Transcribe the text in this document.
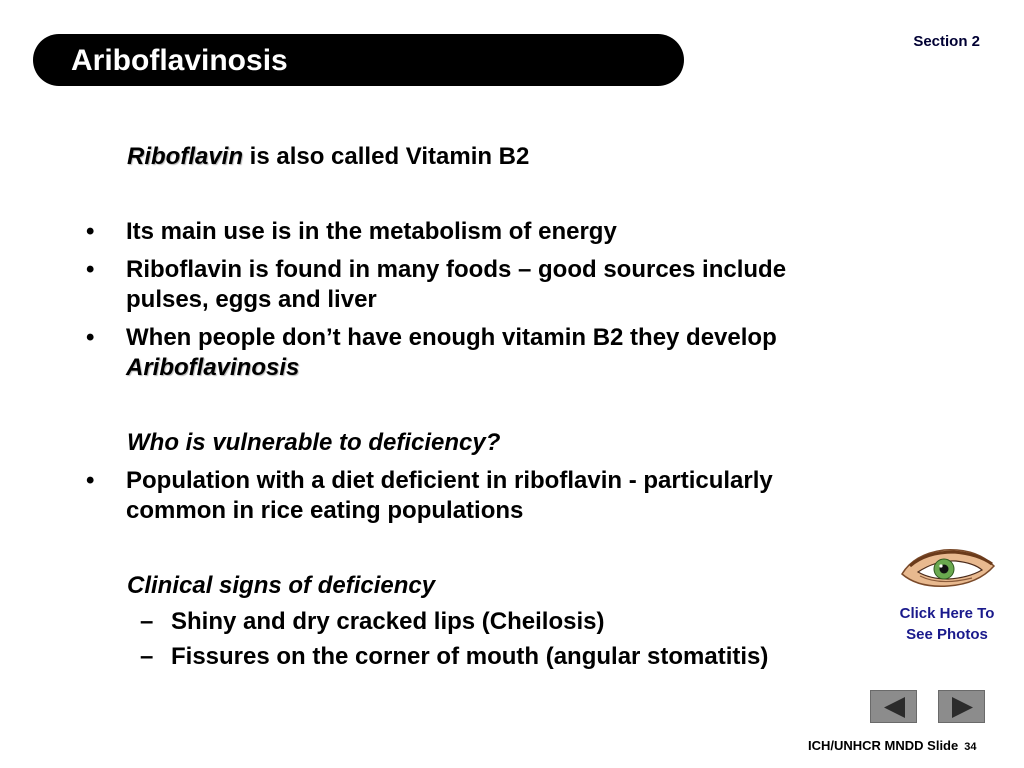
Ariboflavinosis
Section 2
Riboflavin is also called Vitamin B2
• Its main use is in the metabolism of energy
• Riboflavin is found in many foods – good sources include
pulses, eggs and liver
• When people don’t have enough vitamin B2 they develop
Ariboflavinosis
Who is vulnerable to deficiency?
• Population with a diet deficient in riboflavin - particularly
common in rice eating populations
Clinical signs of deficiency
– Shiny and dry cracked lips (Cheilosis)
– Fissures on the corner of mouth (angular stomatitis)
Click Here To
See Photos
ICH/UNHCR MNDD Slide 34
